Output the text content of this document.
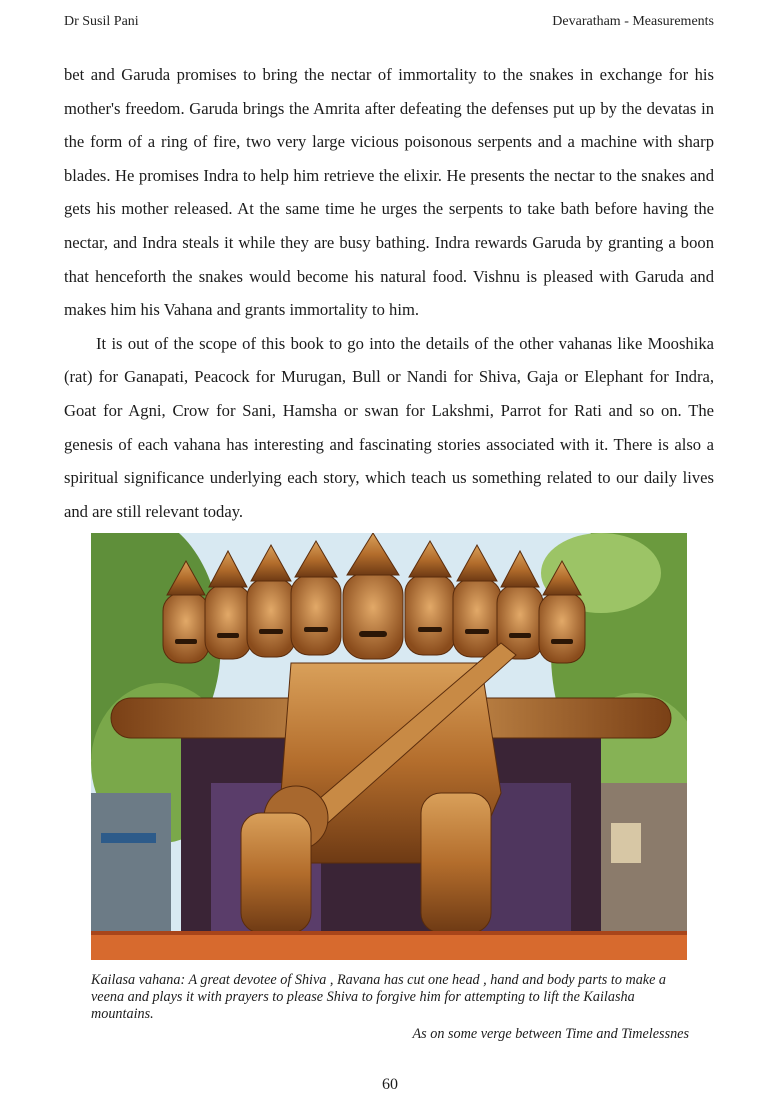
Dr Susil Pani	Devaratham - Measurements

bet and Garuda promises to bring the nectar of immortality to the snakes in exchange for his mother's freedom. Garuda brings the Amrita after defeating the defenses put up by the devatas in the form of a ring of fire, two very large vicious poisonous serpents and a machine with sharp blades. He promises Indra to help him retrieve the elixir. He presents the nectar to the snakes and gets his mother released. At the same time he urges the serpents to take bath before having the nectar, and Indra steals it while they are busy bathing. Indra rewards Garuda by granting a boon that henceforth the snakes would become his natural food. Vishnu is pleased with Garuda and makes him his Vahana and grants immortality to him.

It is out of the scope of this book to go into the details of the other vahanas like Mooshika (rat) for Ganapati, Peacock for Murugan, Bull or Nandi for Shiva, Gaja or Elephant for Indra, Goat for Agni, Crow for Sani, Hamsha or swan for Lakshmi, Parrot for Rati and so on. The genesis of each vahana has interesting and fascinating stories associated with it. There is also a spiritual significance underlying each story, which teach us something related to our daily lives and are still relevant today.

Kailasa vahana: A great devotee of Shiva , Ravana has cut one head , hand and body parts to make a veena and plays it with prayers to please Shiva to forgive him for attempting to lift the Kailasha mountains.
As on some verge between Time and Timelessnes
60
